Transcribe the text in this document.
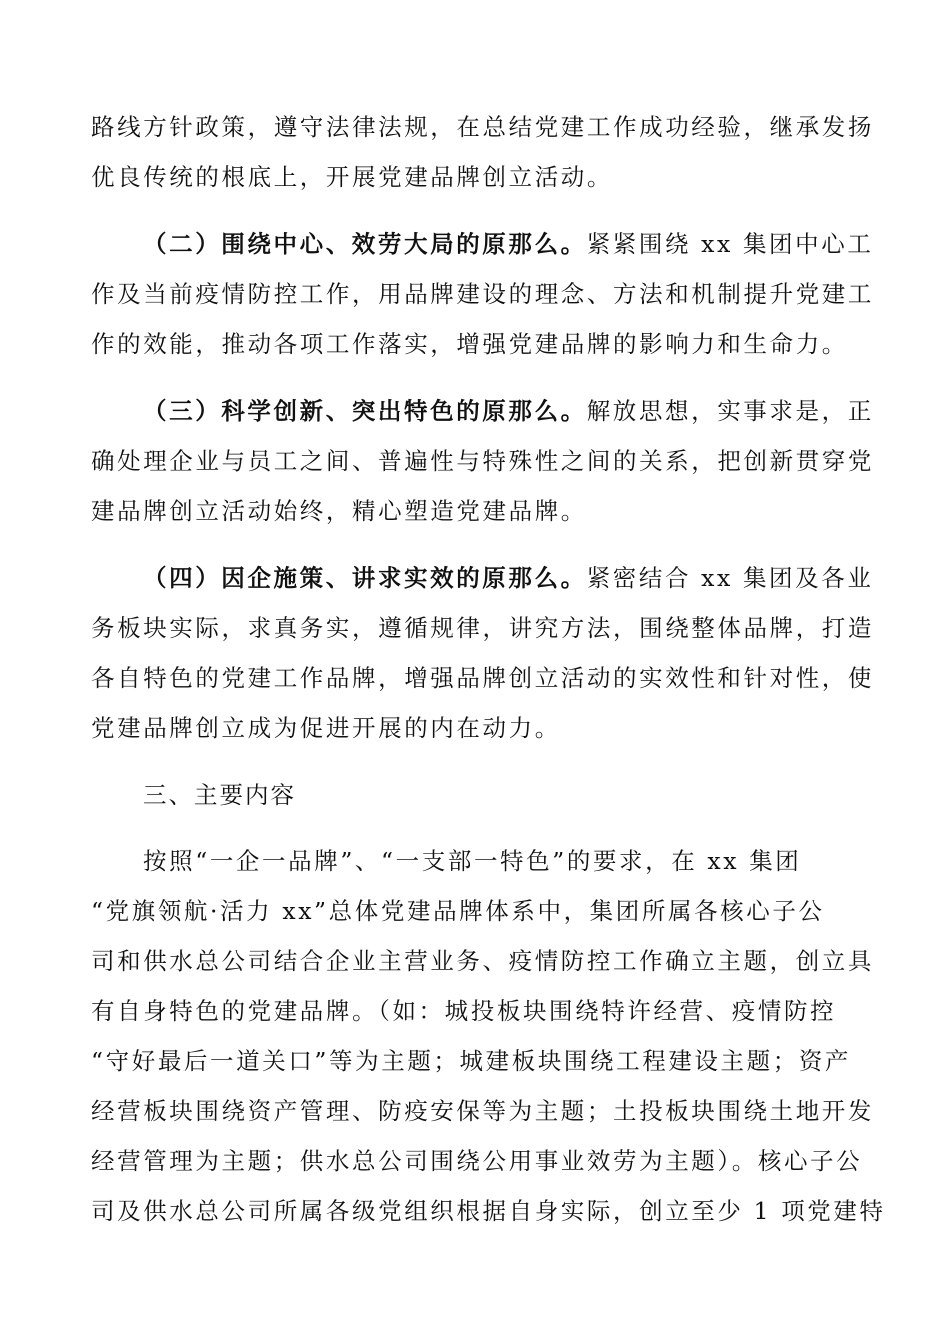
路线方针政策，遵守法律法规，在总结党建工作成功经验，继承发扬
优良传统的根底上，开展党建品牌创立活动。
（二）围绕中心、效劳大局的原那么。紧紧围绕 xx 集团中心工
作及当前疫情防控工作，用品牌建设的理念、方法和机制提升党建工
作的效能，推动各项工作落实，增强党建品牌的影响力和生命力。
（三）科学创新、突出特色的原那么。解放思想，实事求是，正
确处理企业与员工之间、普遍性与特殊性之间的关系，把创新贯穿党
建品牌创立活动始终，精心塑造党建品牌。
（四）因企施策、讲求实效的原那么。紧密结合 xx 集团及各业
务板块实际，求真务实，遵循规律，讲究方法，围绕整体品牌，打造
各自特色的党建工作品牌，增强品牌创立活动的实效性和针对性，使
党建品牌创立成为促进开展的内在动力。
三、主要内容
按照“一企一品牌”、“一支部一特色”的要求，在 xx 集团
“党旗领航·活力 xx”总体党建品牌体系中，集团所属各核心子公
司和供水总公司结合企业主营业务、疫情防控工作确立主题，创立具
有自身特色的党建品牌。（如：城投板块围绕特许经营、疫情防控
“守好最后一道关口”等为主题；城建板块围绕工程建设主题；资产
经营板块围绕资产管理、防疫安保等为主题；土投板块围绕土地开发
经营管理为主题；供水总公司围绕公用事业效劳为主题）。核心子公
司及供水总公司所属各级党组织根据自身实际，创立至少 1 项党建特
